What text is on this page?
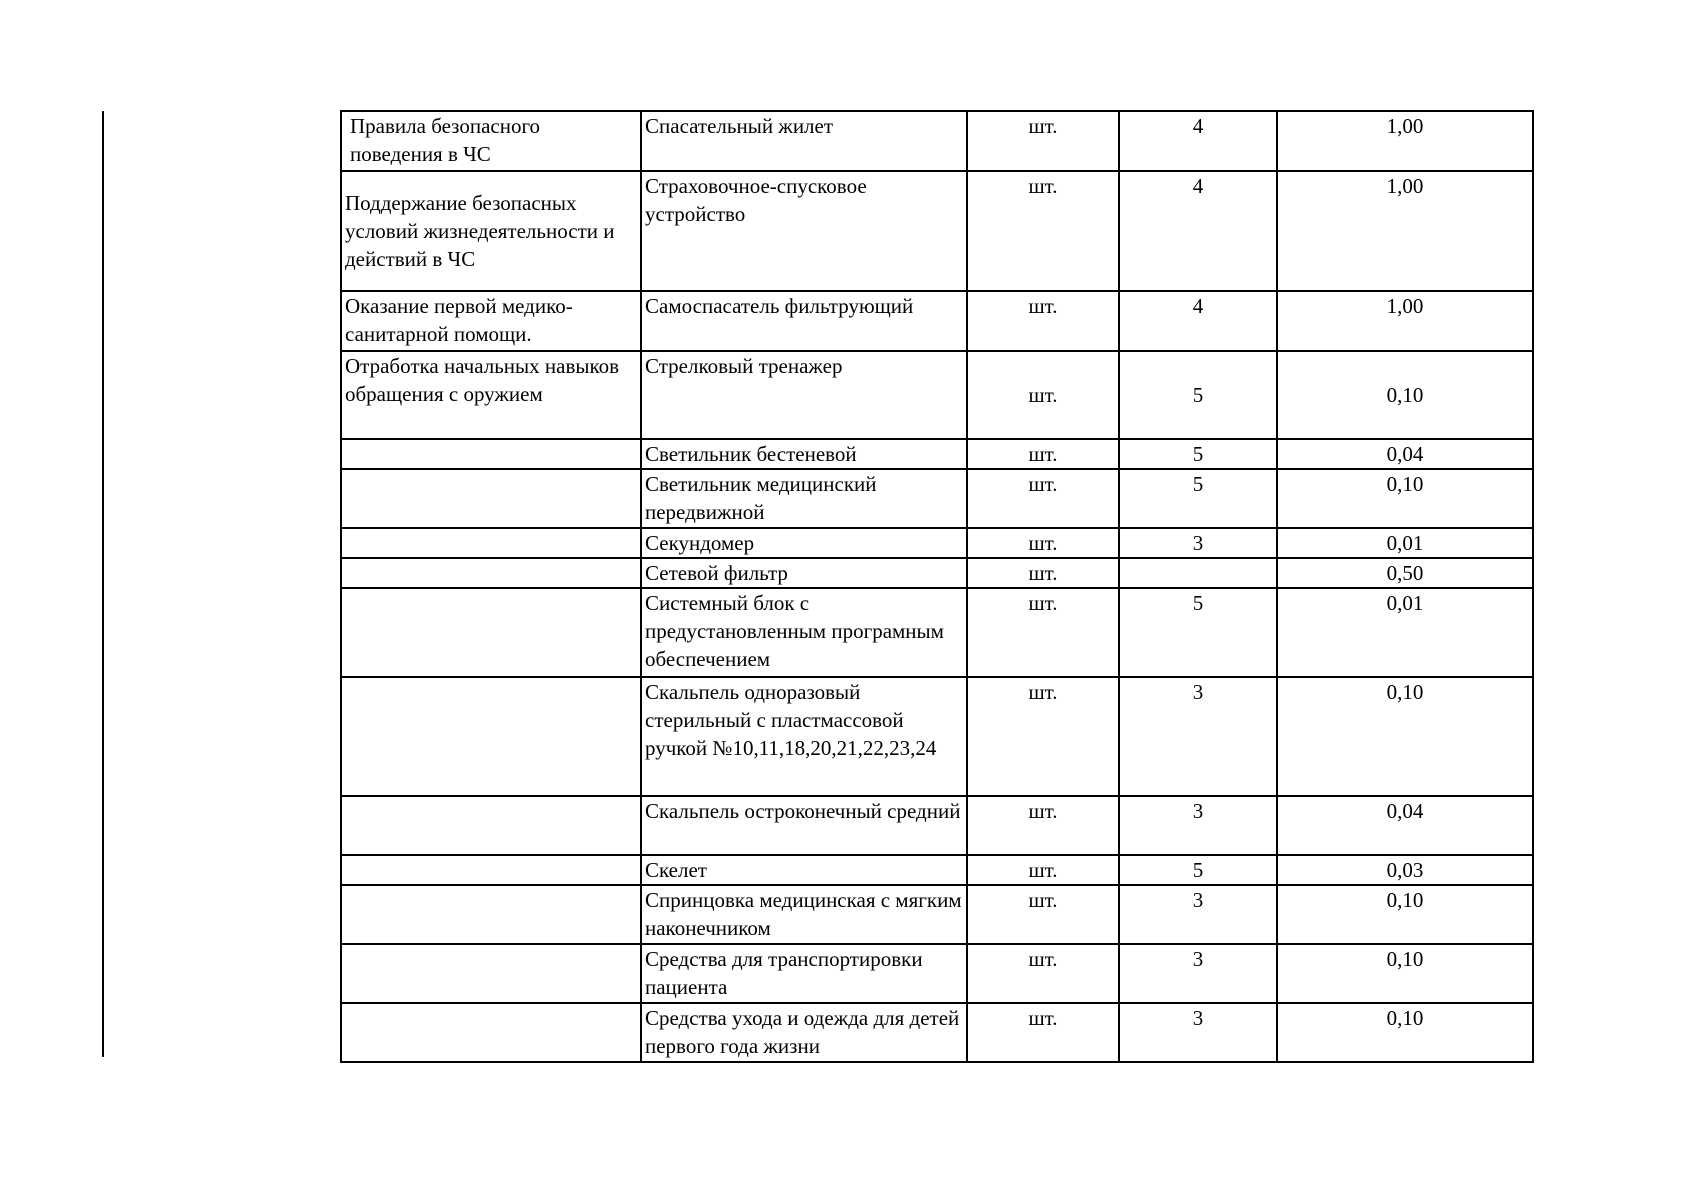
Правила безопасного поведения в ЧС	Спасательный жилет	шт.	4	1,00
Поддержание безопасных условий жизнедеятельности и действий в ЧС	Страховочное-спусковое устройство	шт.	4	1,00
Оказание первой медико-санитарной помощи.	Самоспасатель фильтрующий	шт.	4	1,00
Отработка начальных навыков обращения с оружием	Стрелковый тренажер	шт.	5	0,10
	Светильник бестеневой	шт.	5	0,04
	Светильник медицинский передвижной	шт.	5	0,10
	Секундомер	шт.	3	0,01
	Сетевой фильтр	шт.		0,50
	Системный блок с предустановленным програмным обеспечением	шт.	5	0,01
	Скальпель одноразовый стерильный с пластмассовой ручкой №10,11,18,20,21,22,23,24	шт.	3	0,10
	Скальпель остроконечный средний	шт.	3	0,04
	Скелет	шт.	5	0,03
	Спринцовка медицинская с мягким наконечником	шт.	3	0,10
	Средства для транспортировки пациента	шт.	3	0,10
	Средства ухода и одежда для детей первого года жизни	шт.	3	0,10
